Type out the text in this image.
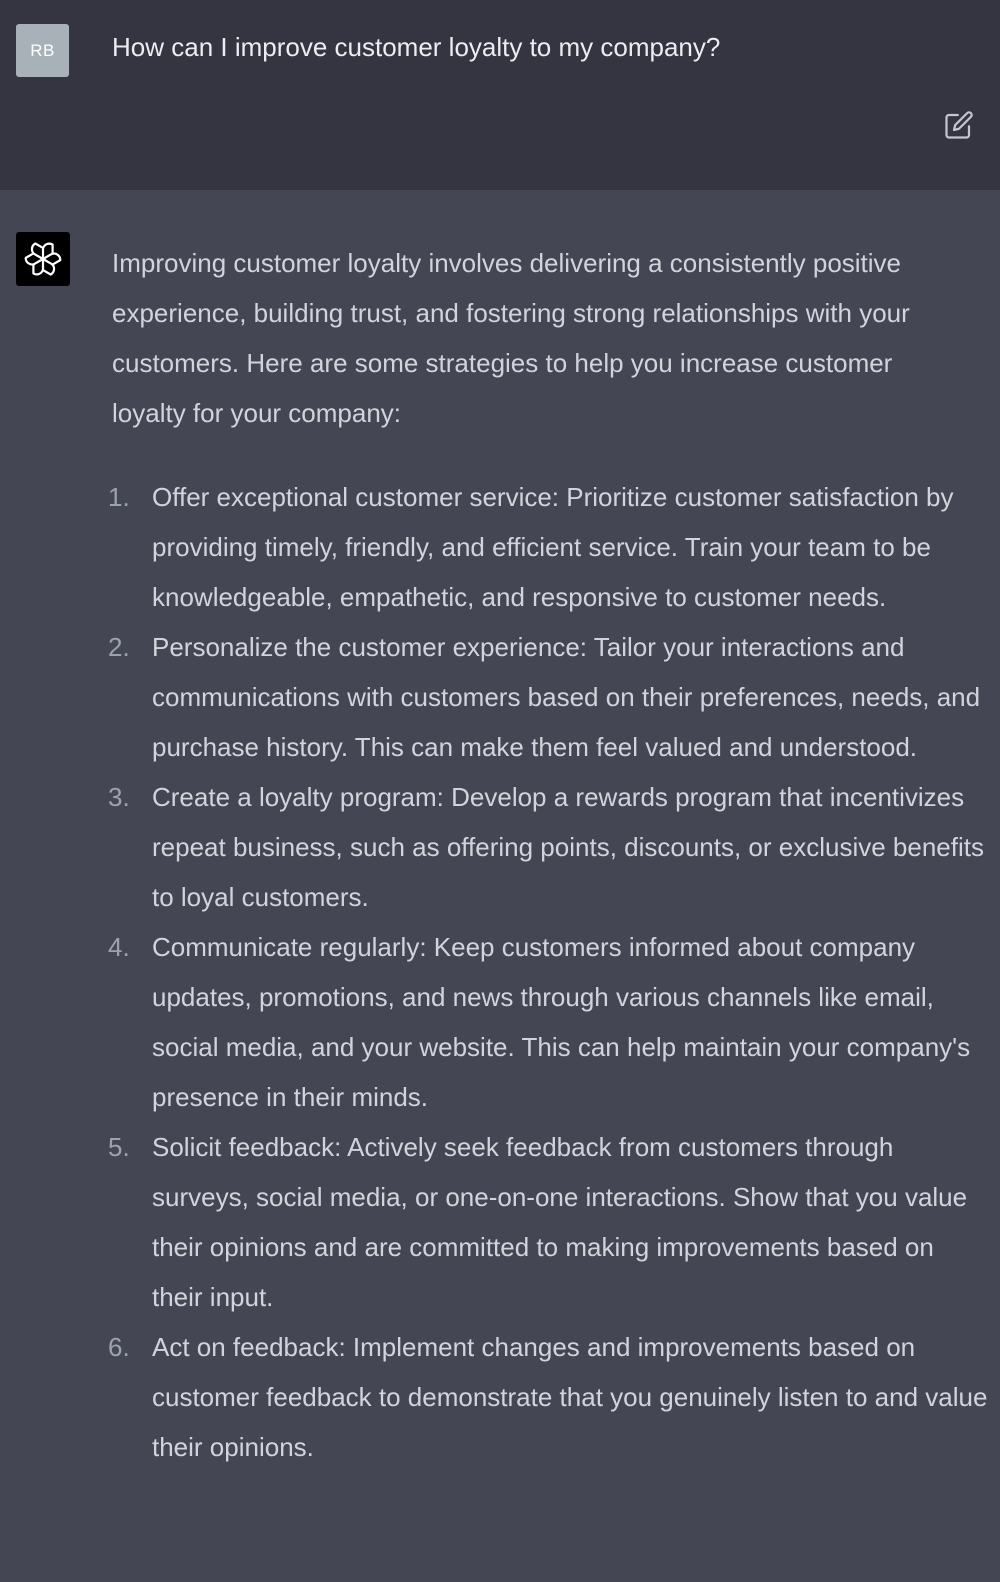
RB	How can I improve customer loyalty to my company?

Improving customer loyalty involves delivering a consistently positive experience, building trust, and fostering strong relationships with your customers. Here are some strategies to help you increase customer loyalty for your company:

1. Offer exceptional customer service: Prioritize customer satisfaction by providing timely, friendly, and efficient service. Train your team to be knowledgeable, empathetic, and responsive to customer needs.
2. Personalize the customer experience: Tailor your interactions and communications with customers based on their preferences, needs, and purchase history. This can make them feel valued and understood.
3. Create a loyalty program: Develop a rewards program that incentivizes repeat business, such as offering points, discounts, or exclusive benefits to loyal customers.
4. Communicate regularly: Keep customers informed about company updates, promotions, and news through various channels like email, social media, and your website. This can help maintain your company's presence in their minds.
5. Solicit feedback: Actively seek feedback from customers through surveys, social media, or one-on-one interactions. Show that you value their opinions and are committed to making improvements based on their input.
6. Act on feedback: Implement changes and improvements based on customer feedback to demonstrate that you genuinely listen to and value their opinions.
